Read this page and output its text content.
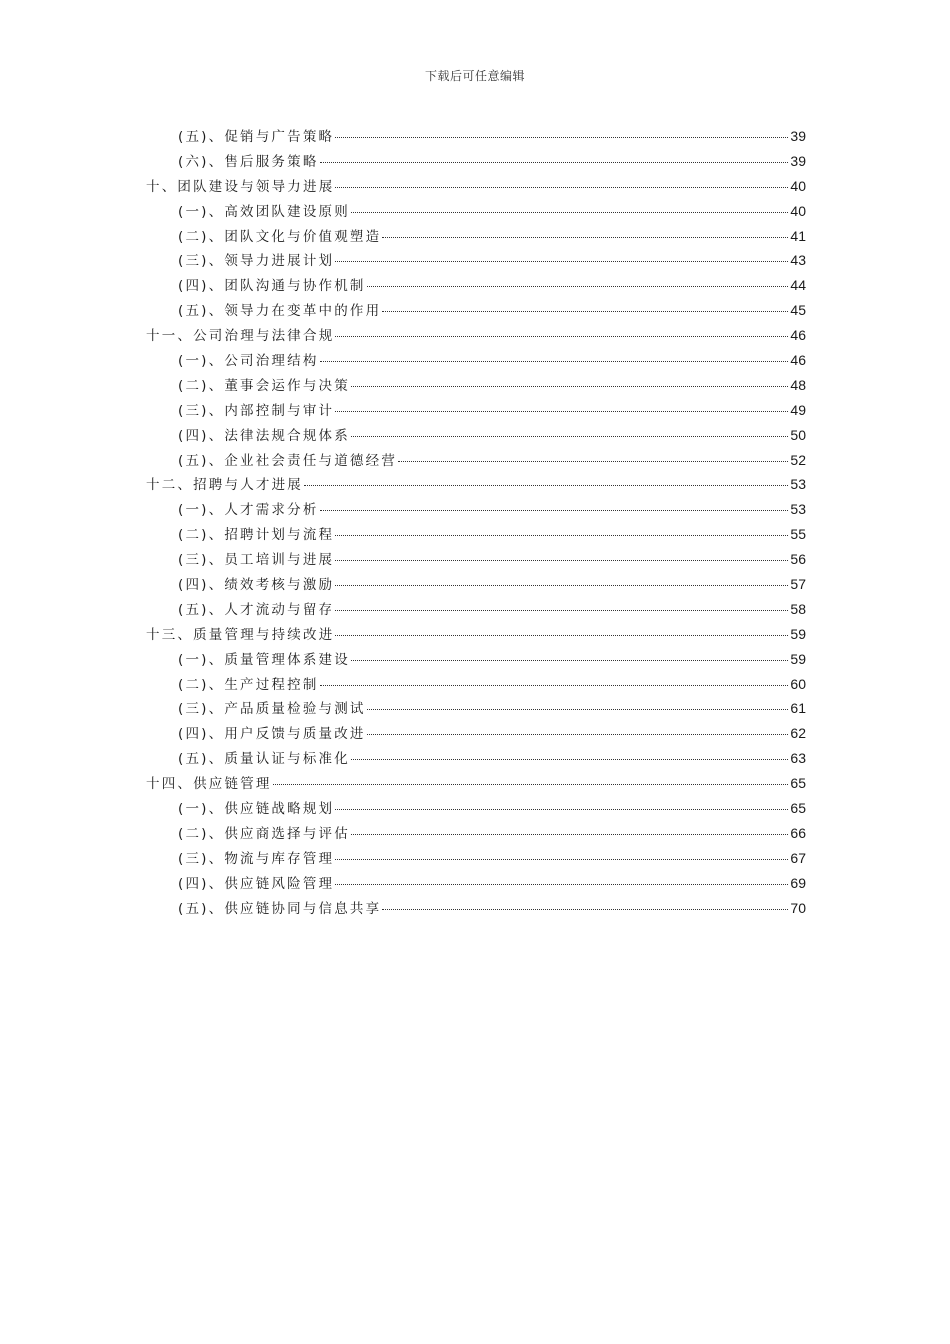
下载后可任意编辑
(五)、促销与广告策略	39
(六)、售后服务策略	39
十、团队建设与领导力进展	40
(一)、高效团队建设原则	40
(二)、团队文化与价值观塑造	41
(三)、领导力进展计划	43
(四)、团队沟通与协作机制	44
(五)、领导力在变革中的作用	45
十一、公司治理与法律合规	46
(一)、公司治理结构	46
(二)、董事会运作与决策	48
(三)、内部控制与审计	49
(四)、法律法规合规体系	50
(五)、企业社会责任与道德经营	52
十二、招聘与人才进展	53
(一)、人才需求分析	53
(二)、招聘计划与流程	55
(三)、员工培训与进展	56
(四)、绩效考核与激励	57
(五)、人才流动与留存	58
十三、质量管理与持续改进	59
(一)、质量管理体系建设	59
(二)、生产过程控制	60
(三)、产品质量检验与测试	61
(四)、用户反馈与质量改进	62
(五)、质量认证与标准化	63
十四、供应链管理	65
(一)、供应链战略规划	65
(二)、供应商选择与评估	66
(三)、物流与库存管理	67
(四)、供应链风险管理	69
(五)、供应链协同与信息共享	70
